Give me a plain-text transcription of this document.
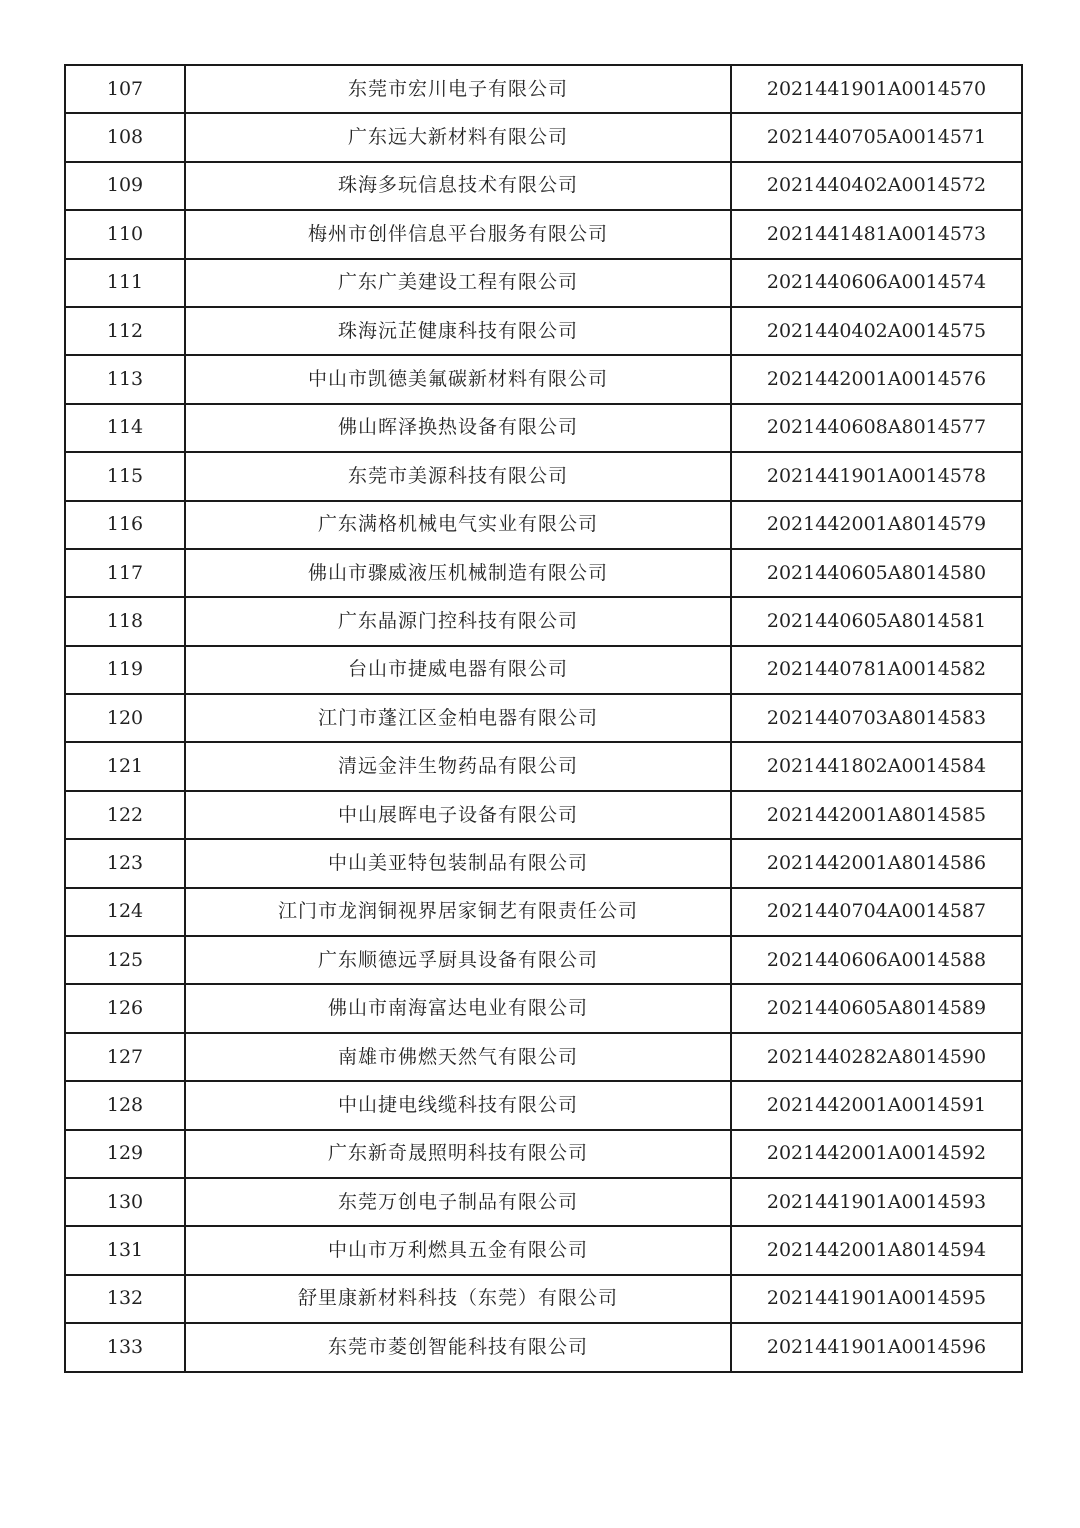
107	东莞市宏川电子有限公司	2021441901A0014570
108	广东远大新材料有限公司	2021440705A0014571
109	珠海多玩信息技术有限公司	2021440402A0014572
110	梅州市创伴信息平台服务有限公司	2021441481A0014573
111	广东广美建设工程有限公司	2021440606A0014574
112	珠海沅芷健康科技有限公司	2021440402A0014575
113	中山市凯德美氟碳新材料有限公司	2021442001A0014576
114	佛山晖泽换热设备有限公司	2021440608A8014577
115	东莞市美源科技有限公司	2021441901A0014578
116	广东满格机械电气实业有限公司	2021442001A8014579
117	佛山市骤威液压机械制造有限公司	2021440605A8014580
118	广东晶源门控科技有限公司	2021440605A8014581
119	台山市捷威电器有限公司	2021440781A0014582
120	江门市蓬江区金柏电器有限公司	2021440703A8014583
121	清远金沣生物药品有限公司	2021441802A0014584
122	中山展晖电子设备有限公司	2021442001A8014585
123	中山美亚特包装制品有限公司	2021442001A8014586
124	江门市龙润铜视界居家铜艺有限责任公司	2021440704A0014587
125	广东顺德远孚厨具设备有限公司	2021440606A0014588
126	佛山市南海富达电业有限公司	2021440605A8014589
127	南雄市佛燃天然气有限公司	2021440282A8014590
128	中山捷电线缆科技有限公司	2021442001A0014591
129	广东新奇晟照明科技有限公司	2021442001A0014592
130	东莞万创电子制品有限公司	2021441901A0014593
131	中山市万利燃具五金有限公司	2021442001A8014594
132	舒里康新材料科技（东莞）有限公司	2021441901A0014595
133	东莞市菱创智能科技有限公司	2021441901A0014596
